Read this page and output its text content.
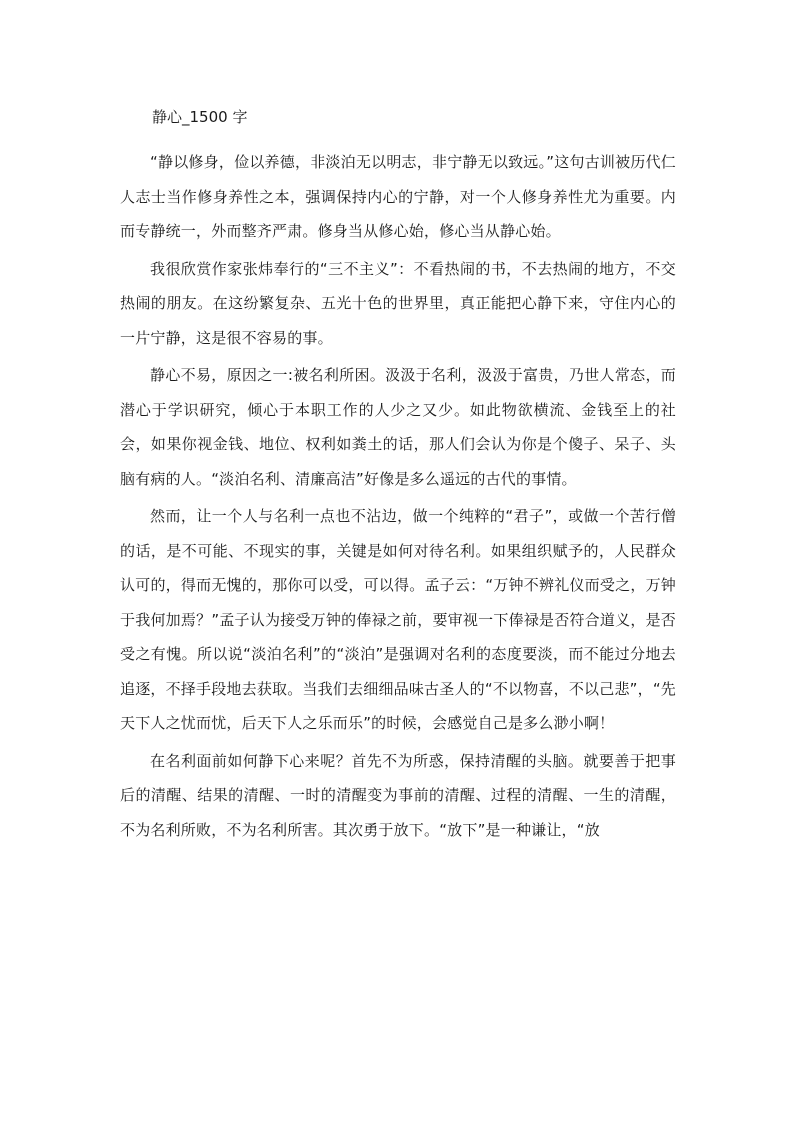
静心_1500 字

“静以修身，俭以养德，非淡泊无以明志，非宁静无以致远。”这句古训被历代仁人志士当作修身养性之本，强调保持内心的宁静，对一个人修身养性尤为重要。内而专静统一，外而整齐严肃。修身当从修心始，修心当从静心始。

我很欣赏作家张炜奉行的“三不主义”：不看热闹的书，不去热闹的地方，不交热闹的朋友。在这纷繁复杂、五光十色的世界里，真正能把心静下来，守住内心的一片宁静，这是很不容易的事。

静心不易，原因之一:被名利所困。汲汲于名利，汲汲于富贵，乃世人常态，而潜心于学识研究，倾心于本职工作的人少之又少。如此物欲横流、金钱至上的社会，如果你视金钱、地位、权利如粪土的话，那人们会认为你是个傻子、呆子、头脑有病的人。“淡泊名利、清廉高洁”好像是多么遥远的古代的事情。

然而，让一个人与名利一点也不沾边，做一个纯粹的“君子”，或做一个苦行僧的话，是不可能、不现实的事，关键是如何对待名利。如果组织赋予的，人民群众认可的，得而无愧的，那你可以受，可以得。孟子云：“万钟不辨礼仪而受之，万钟于我何加焉？”孟子认为接受万钟的俸禄之前，要审视一下俸禄是否符合道义，是否受之有愧。所以说“淡泊名利”的“淡泊”是强调对名利的态度要淡，而不能过分地去追逐，不择手段地去获取。当我们去细细品味古圣人的“不以物喜，不以己悲”，“先天下人之忧而忧，后天下人之乐而乐”的时候，会感觉自己是多么渺小啊！

在名利面前如何静下心来呢？首先不为所惑，保持清醒的头脑。就要善于把事后的清醒、结果的清醒、一时的清醒变为事前的清醒、过程的清醒、一生的清醒，不为名利所败，不为名利所害。其次勇于放下。“放下”是一种谦让，“放
